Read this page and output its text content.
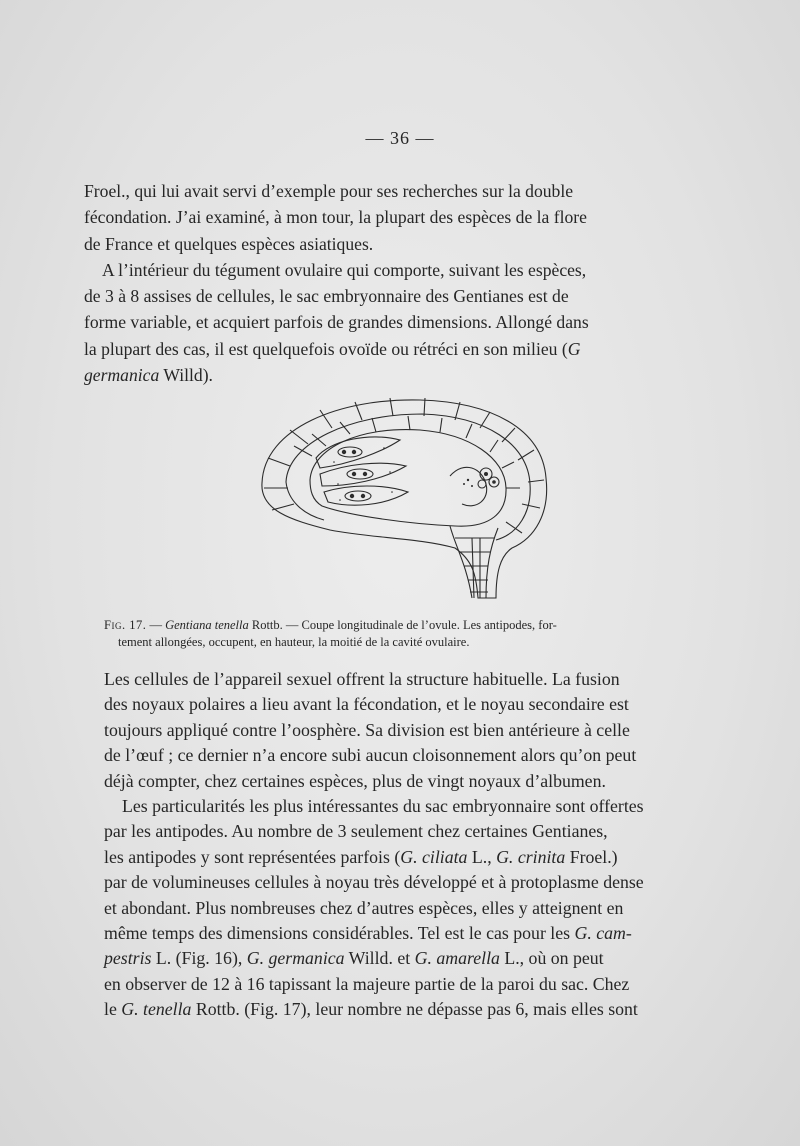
— 36 —
Froel., qui lui avait servi d’exemple pour ses recherches sur la double
fécondation. J’ai examiné, à mon tour, la plupart des espèces de la flore
de France et quelques espèces asiatiques.
A l’intérieur du tégument ovulaire qui comporte, suivant les espèces,
de 3 à 8 assises de cellules, le sac embryonnaire des Gentianes est de
forme variable, et acquiert parfois de grandes dimensions. Allongé dans
la plupart des cas, il est quelquefois ovoïde ou rétréci en son milieu (G
germanica Willd).
Fig. 17. — Gentiana tenella Rottb. — Coupe longitudinale de l’ovule. Les antipodes, for-
tement allongées, occupent, en hauteur, la moitié de la cavité ovulaire.
Les cellules de l’appareil sexuel offrent la structure habituelle. La fusion
des noyaux polaires a lieu avant la fécondation, et le noyau secondaire est
toujours appliqué contre l’oosphère. Sa division est bien antérieure à celle
de l’œuf ; ce dernier n’a encore subi aucun cloisonnement alors qu’on peut
déjà compter, chez certaines espèces, plus de vingt noyaux d’albumen.
Les particularités les plus intéressantes du sac embryonnaire sont offertes
par les antipodes. Au nombre de 3 seulement chez certaines Gentianes,
les antipodes y sont représentées parfois (G. ciliata L., G. crinita Froel.)
par de volumineuses cellules à noyau très développé et à protoplasme dense
et abondant. Plus nombreuses chez d’autres espèces, elles y atteignent en
même temps des dimensions considérables. Tel est le cas pour les G. cam-
pestris L. (Fig. 16), G. germanica Willd. et G. amarella L., où on peut
en observer de 12 à 16 tapissant la majeure partie de la paroi du sac. Chez
le G. tenella Rottb. (Fig. 17), leur nombre ne dépasse pas 6, mais elles sont
